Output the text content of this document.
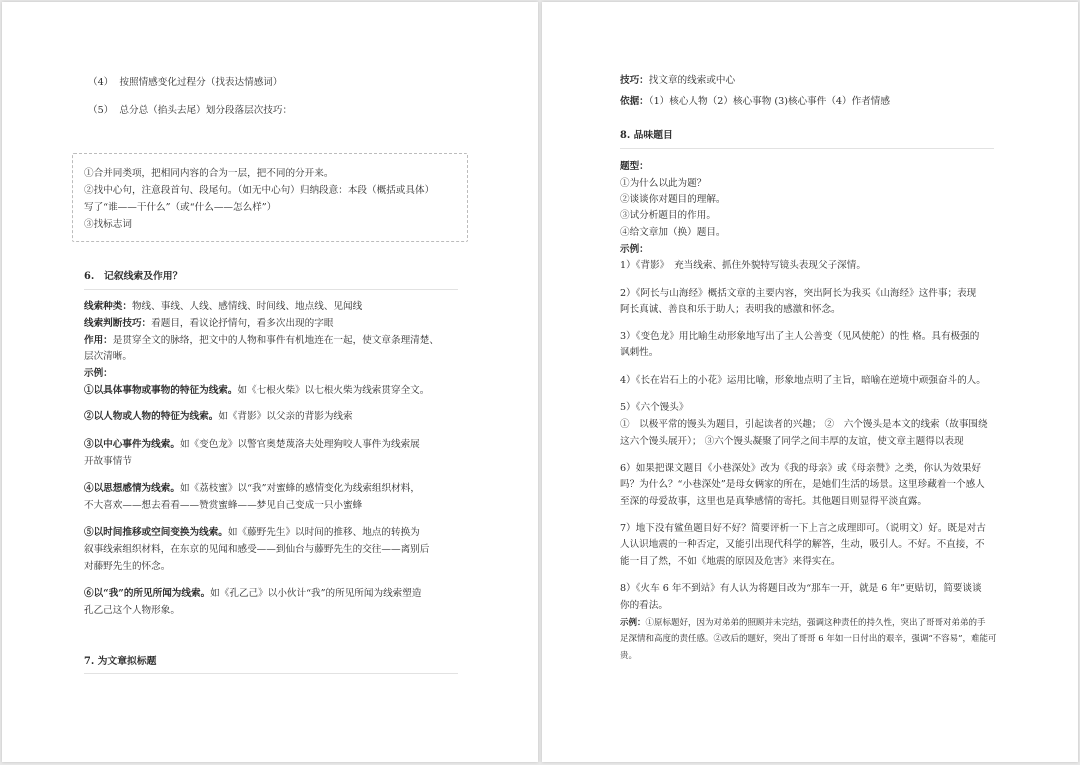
（4） 按照情感变化过程分（找表达情感词）
（5） 总分总（掐头去尾）划分段落层次技巧：
①合并同类项，把相同内容的合为一层，把不同的分开来。
②找中心句，注意段首句、段尾句。（如无中心句）归纳段意：本段（概括或具体）
写了“谁——干什么”（或“什么——怎么样”）
③找标志词
6.　记叙线索及作用？
线索种类：物线、事线、人线、感情线、时间线、地点线、见闻线
线索判断技巧：看题目，看议论抒情句，看多次出现的字眼
作用：是贯穿全文的脉络，把文中的人物和事件有机地连在一起，使文章条理清楚、
层次清晰。
示例：
①以具体事物或事物的特征为线索。如《七根火柴》以七根火柴为线索贯穿全文。
②以人物或人物的特征为线索。如《背影》以父亲的背影为线索
③以中心事件为线索。如《变色龙》以警官奥楚蔑洛夫处理狗咬人事件为线索展
开故事情节
④以思想感情为线索。如《荔枝蜜》以“我”对蜜蜂的感情变化为线索组织材料，
不大喜欢——想去看看——赞赏蜜蜂——梦见自己变成一只小蜜蜂
⑤以时间推移或空间变换为线索。如《藤野先生》以时间的推移、地点的转换为
叙事线索组织材料，在东京的见闻和感受——到仙台与藤野先生的交往——离别后
对藤野先生的怀念。
⑥以“我”的所见所闻为线索。如《孔乙己》以小伙计“我”的所见所闻为线索塑造
孔乙己这个人物形象。
7. 为文章拟标题
技巧：找文章的线索或中心
依据：（1）核心人物（2）核心事物 (3)核心事件（4）作者情感
8. 品味题目
题型：
①为什么以此为题？
②谈谈你对题目的理解。
③试分析题目的作用。
④给文章加（换）题目。
示例：
1）《背影》　充当线索、抓住外貌特写镜头表现父子深情。
2）《阿长与山海经》概括文章的主要内容，突出阿长为我买《山海经》这件事；表现
阿长真诚、善良和乐于助人；表明我的感激和怀念。
3）《变色龙》用比喻生动形象地写出了主人公善变（见风使舵）的性 格。具有极强的
讽刺性。
4）《长在岩石上的小花》运用比喻，形象地点明了主旨，暗喻在逆境中顽强奋斗的人。
5）《六个馒头》
①　以极平常的馒头为题目，引起读者的兴趣； ②　六个馒头是本文的线索（故事围绕
这六个馒头展开）； ③六个馒头凝聚了同学之间丰厚的友谊，使文章主题得以表现
6）如果把课文题目《小巷深处》改为《我的母亲》或《母亲赞》之类，你认为效果好
吗？为什么？“小巷深处”是母女俩家的所在，是她们生活的场景。这里珍藏着一个感人
至深的母爱故事，这里也是真挚感情的寄托。其他题目则显得平淡直露。
7）地下没有鲨鱼题目好不好？简要评析一下上言之成理即可。（说明文）好。既是对古
人认识地震的一种否定，又能引出现代科学的解答，生动，吸引人。不好。不直接，不
能一目了然，不如《地震的原因及危害》来得实在。
8）《火车 6 年不到站》有人认为将题目改为“那车一开，就是 6 年”更贴切，简要谈谈
你的看法。
示例：①原标题好，因为对弟弟的照顾并未完结，强调这种责任的持久性，突出了哥哥对弟弟的手
足深情和高度的责任感。②改后的题好，突出了哥哥 6 年如一日付出的艰辛，强调“不容易”，难能可
贵。
